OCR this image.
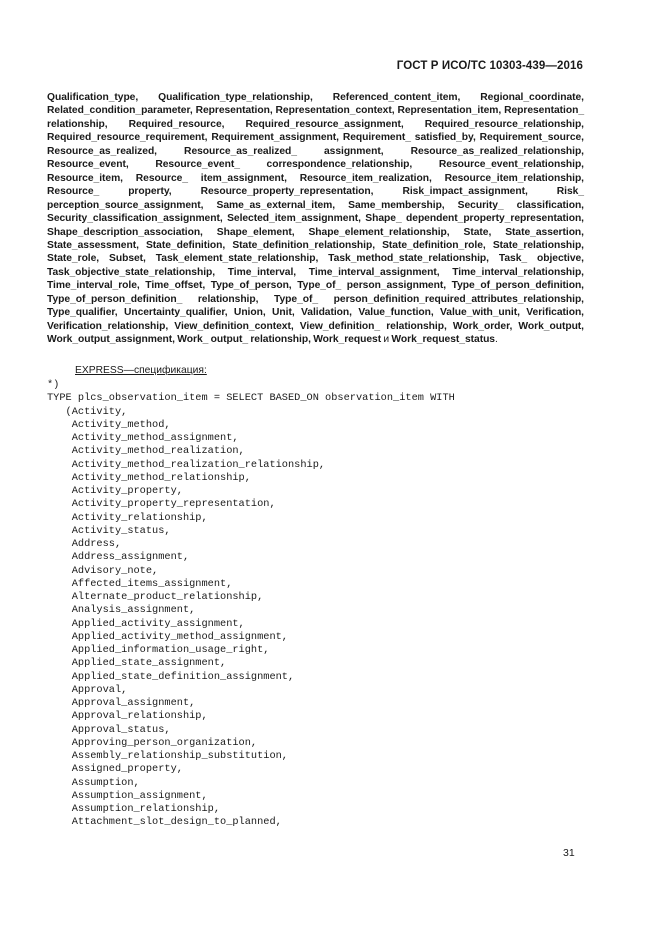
ГОСТ Р ИСО/ТС 10303-439—2016
Qualification_type, Qualification_type_relationship, Referenced_content_item, Regional_coordinate, Related_condition_parameter, Representation, Representation_context, Representation_item, Representation_ relationship, Required_resource, Required_resource_assignment, Required_resource_relationship, Required_resource_requirement, Requirement_assignment, Requirement_ satisfied_by, Requirement_source, Resource_as_realized, Resource_as_realized_ assignment, Resource_as_realized_relationship, Resource_event, Resource_event_ correspondence_relationship, Resource_event_relationship, Resource_item, Resource_ item_assignment, Resource_item_realization, Resource_item_relationship, Resource_ property, Resource_property_representation, Risk_impact_assignment, Risk_ perception_source_assignment, Same_as_external_item, Same_membership, Security_ classification, Security_classification_assignment, Selected_item_assignment, Shape_ dependent_property_representation, Shape_description_association, Shape_element, Shape_element_relationship, State, State_assertion, State_assessment, State_definition, State_definition_relationship, State_definition_role, State_relationship, State_role, Subset, Task_element_state_relationship, Task_method_state_relationship, Task_ objective, Task_objective_state_relationship, Time_interval, Time_interval_assignment, Time_interval_relationship, Time_interval_role, Time_offset, Type_of_person, Type_of_ person_assignment, Type_of_person_definition, Type_of_person_definition_ relationship, Type_of_ person_definition_required_attributes_relationship, Type_qualifier, Uncertainty_qualifier, Union, Unit, Validation, Value_function, Value_with_unit, Verification, Verification_relationship, View_definition_context, View_definition_ relationship, Work_order, Work_output, Work_output_assignment, Work_ output_ relationship, Work_request и Work_request_status.
EXPRESS—спецификация:
*)
TYPE plcs_observation_item = SELECT BASED_ON observation_item WITH
(Activity,
Activity_method,
Activity_method_assignment,
Activity_method_realization,
Activity_method_realization_relationship,
Activity_method_relationship,
Activity_property,
Activity_property_representation,
Activity_relationship,
Activity_status,
Address,
Address_assignment,
Advisory_note,
Affected_items_assignment,
Alternate_product_relationship,
Analysis_assignment,
Applied_activity_assignment,
Applied_activity_method_assignment,
Applied_information_usage_right,
Applied_state_assignment,
Applied_state_definition_assignment,
Approval,
Approval_assignment,
Approval_relationship,
Approval_status,
Approving_person_organization,
Assembly_relationship_substitution,
Assigned_property,
Assumption,
Assumption_assignment,
Assumption_relationship,
Attachment_slot_design_to_planned,
31
